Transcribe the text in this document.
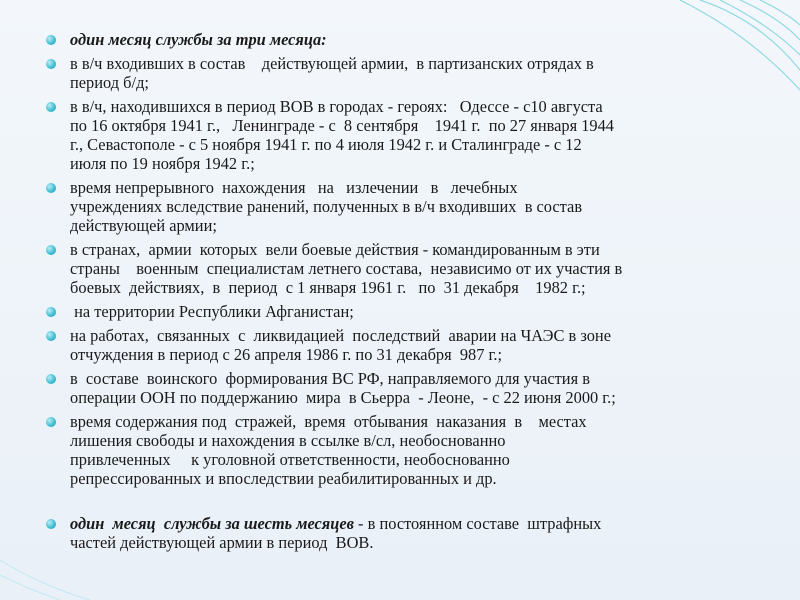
один месяц службы за три месяца:
в в/ч входивших в состав    действующей армии,  в партизанских отрядах в
период б/д;
в в/ч, находившихся в период ВОВ в городах - героях:   Одессе - с10 августа
по 16 октября 1941 г.,   Ленинграде - с  8 сентября    1941 г.  по 27 января 1944
г., Севастополе - с 5 ноября 1941 г. по 4 июля 1942 г. и Сталинграде - с 12
июля по 19 ноября 1942 г.;
время непрерывного  нахождения   на   излечении   в   лечебных
учреждениях вследствие ранений, полученных в в/ч входивших  в состав
действующей армии;
в странах,  армии  которых  вели боевые действия - командированным в эти
страны    военным  специалистам летнего состава,  независимо от их участия в
боевых  действиях,  в  период  с 1 января 1961 г.   по  31 декабря    1982 г.;
на территории Республики Афганистан;
на работах,  связанных  с  ликвидацией  последствий  аварии на ЧАЭС в зоне
отчуждения в период с 26 апреля 1986 г. по 31 декабря  987 г.;
в  составе  воинского  формирования ВС РФ, направляемого для участия в
операции ООН по поддержанию  мира  в Сьерра  - Леоне,  - с 22 июня 2000 г.;
время содержания под  стражей,  время  отбывания  наказания  в    местах
лишения свободы и нахождения в ссылке в/сл, необоснованно
привлеченных     к уголовной ответственности, необоснованно
репрессированных и впоследствии реабилитированных и др.
один  месяц  службы за шесть месяцев - в постоянном составе  штрафных
частей действующей армии в период  ВОВ.
